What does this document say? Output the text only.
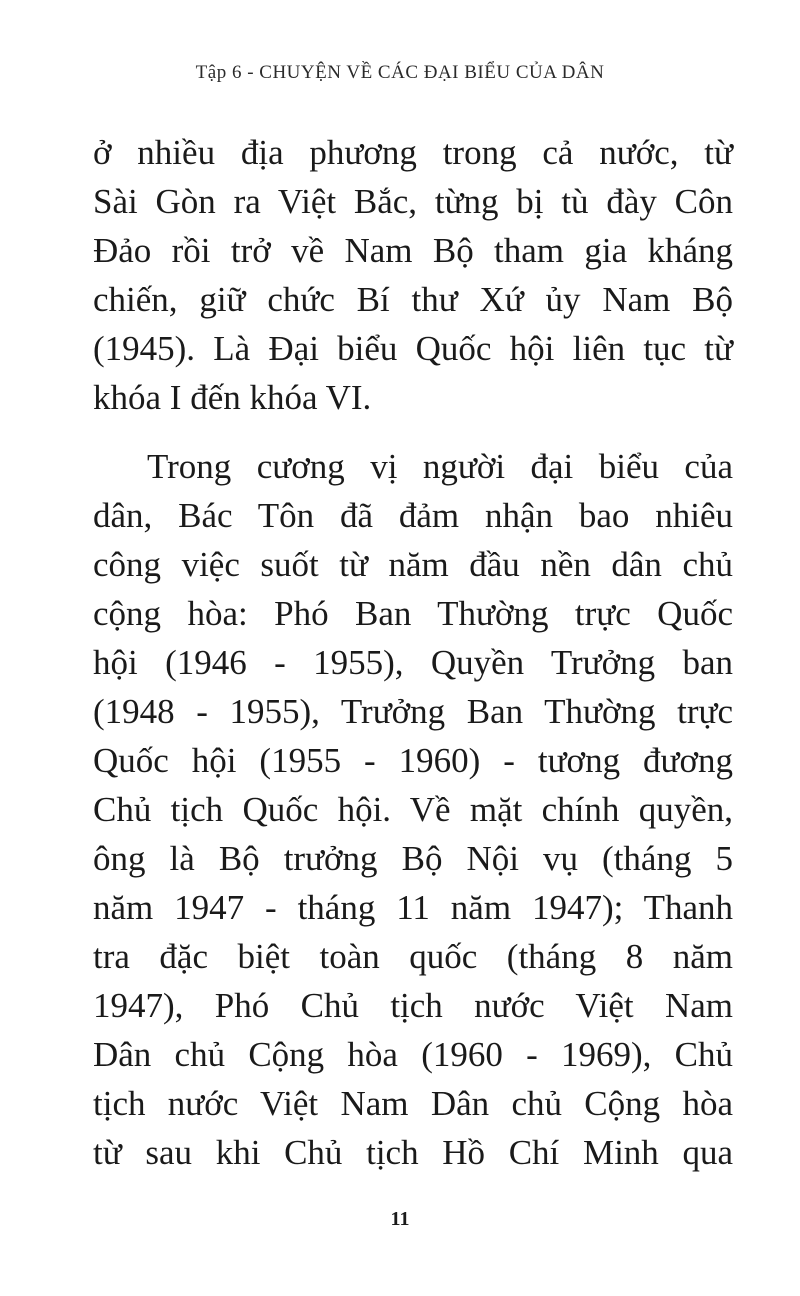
Tập 6 - CHUYỆN VỀ CÁC ĐẠI BIỂU CỦA DÂN
ở nhiều địa phương trong cả nước, từ
Sài Gòn ra Việt Bắc, từng bị tù đày Côn
Đảo rồi trở về Nam Bộ tham gia kháng
chiến, giữ chức Bí thư Xứ ủy Nam Bộ
(1945). Là Đại biểu Quốc hội liên tục từ
khóa I đến khóa VI.
Trong cương vị người đại biểu của
dân, Bác Tôn đã đảm nhận bao nhiêu
công việc suốt từ năm đầu nền dân chủ
cộng hòa: Phó Ban Thường trực Quốc
hội (1946 - 1955), Quyền Trưởng ban
(1948 - 1955), Trưởng Ban Thường trực
Quốc hội (1955 - 1960) - tương đương
Chủ tịch Quốc hội. Về mặt chính quyền,
ông là Bộ trưởng Bộ Nội vụ (tháng 5
năm 1947 - tháng 11 năm 1947); Thanh
tra đặc biệt toàn quốc (tháng 8 năm
1947), Phó Chủ tịch nước Việt Nam
Dân chủ Cộng hòa (1960 - 1969), Chủ
tịch nước Việt Nam Dân chủ Cộng hòa
từ sau khi Chủ tịch Hồ Chí Minh qua
11
